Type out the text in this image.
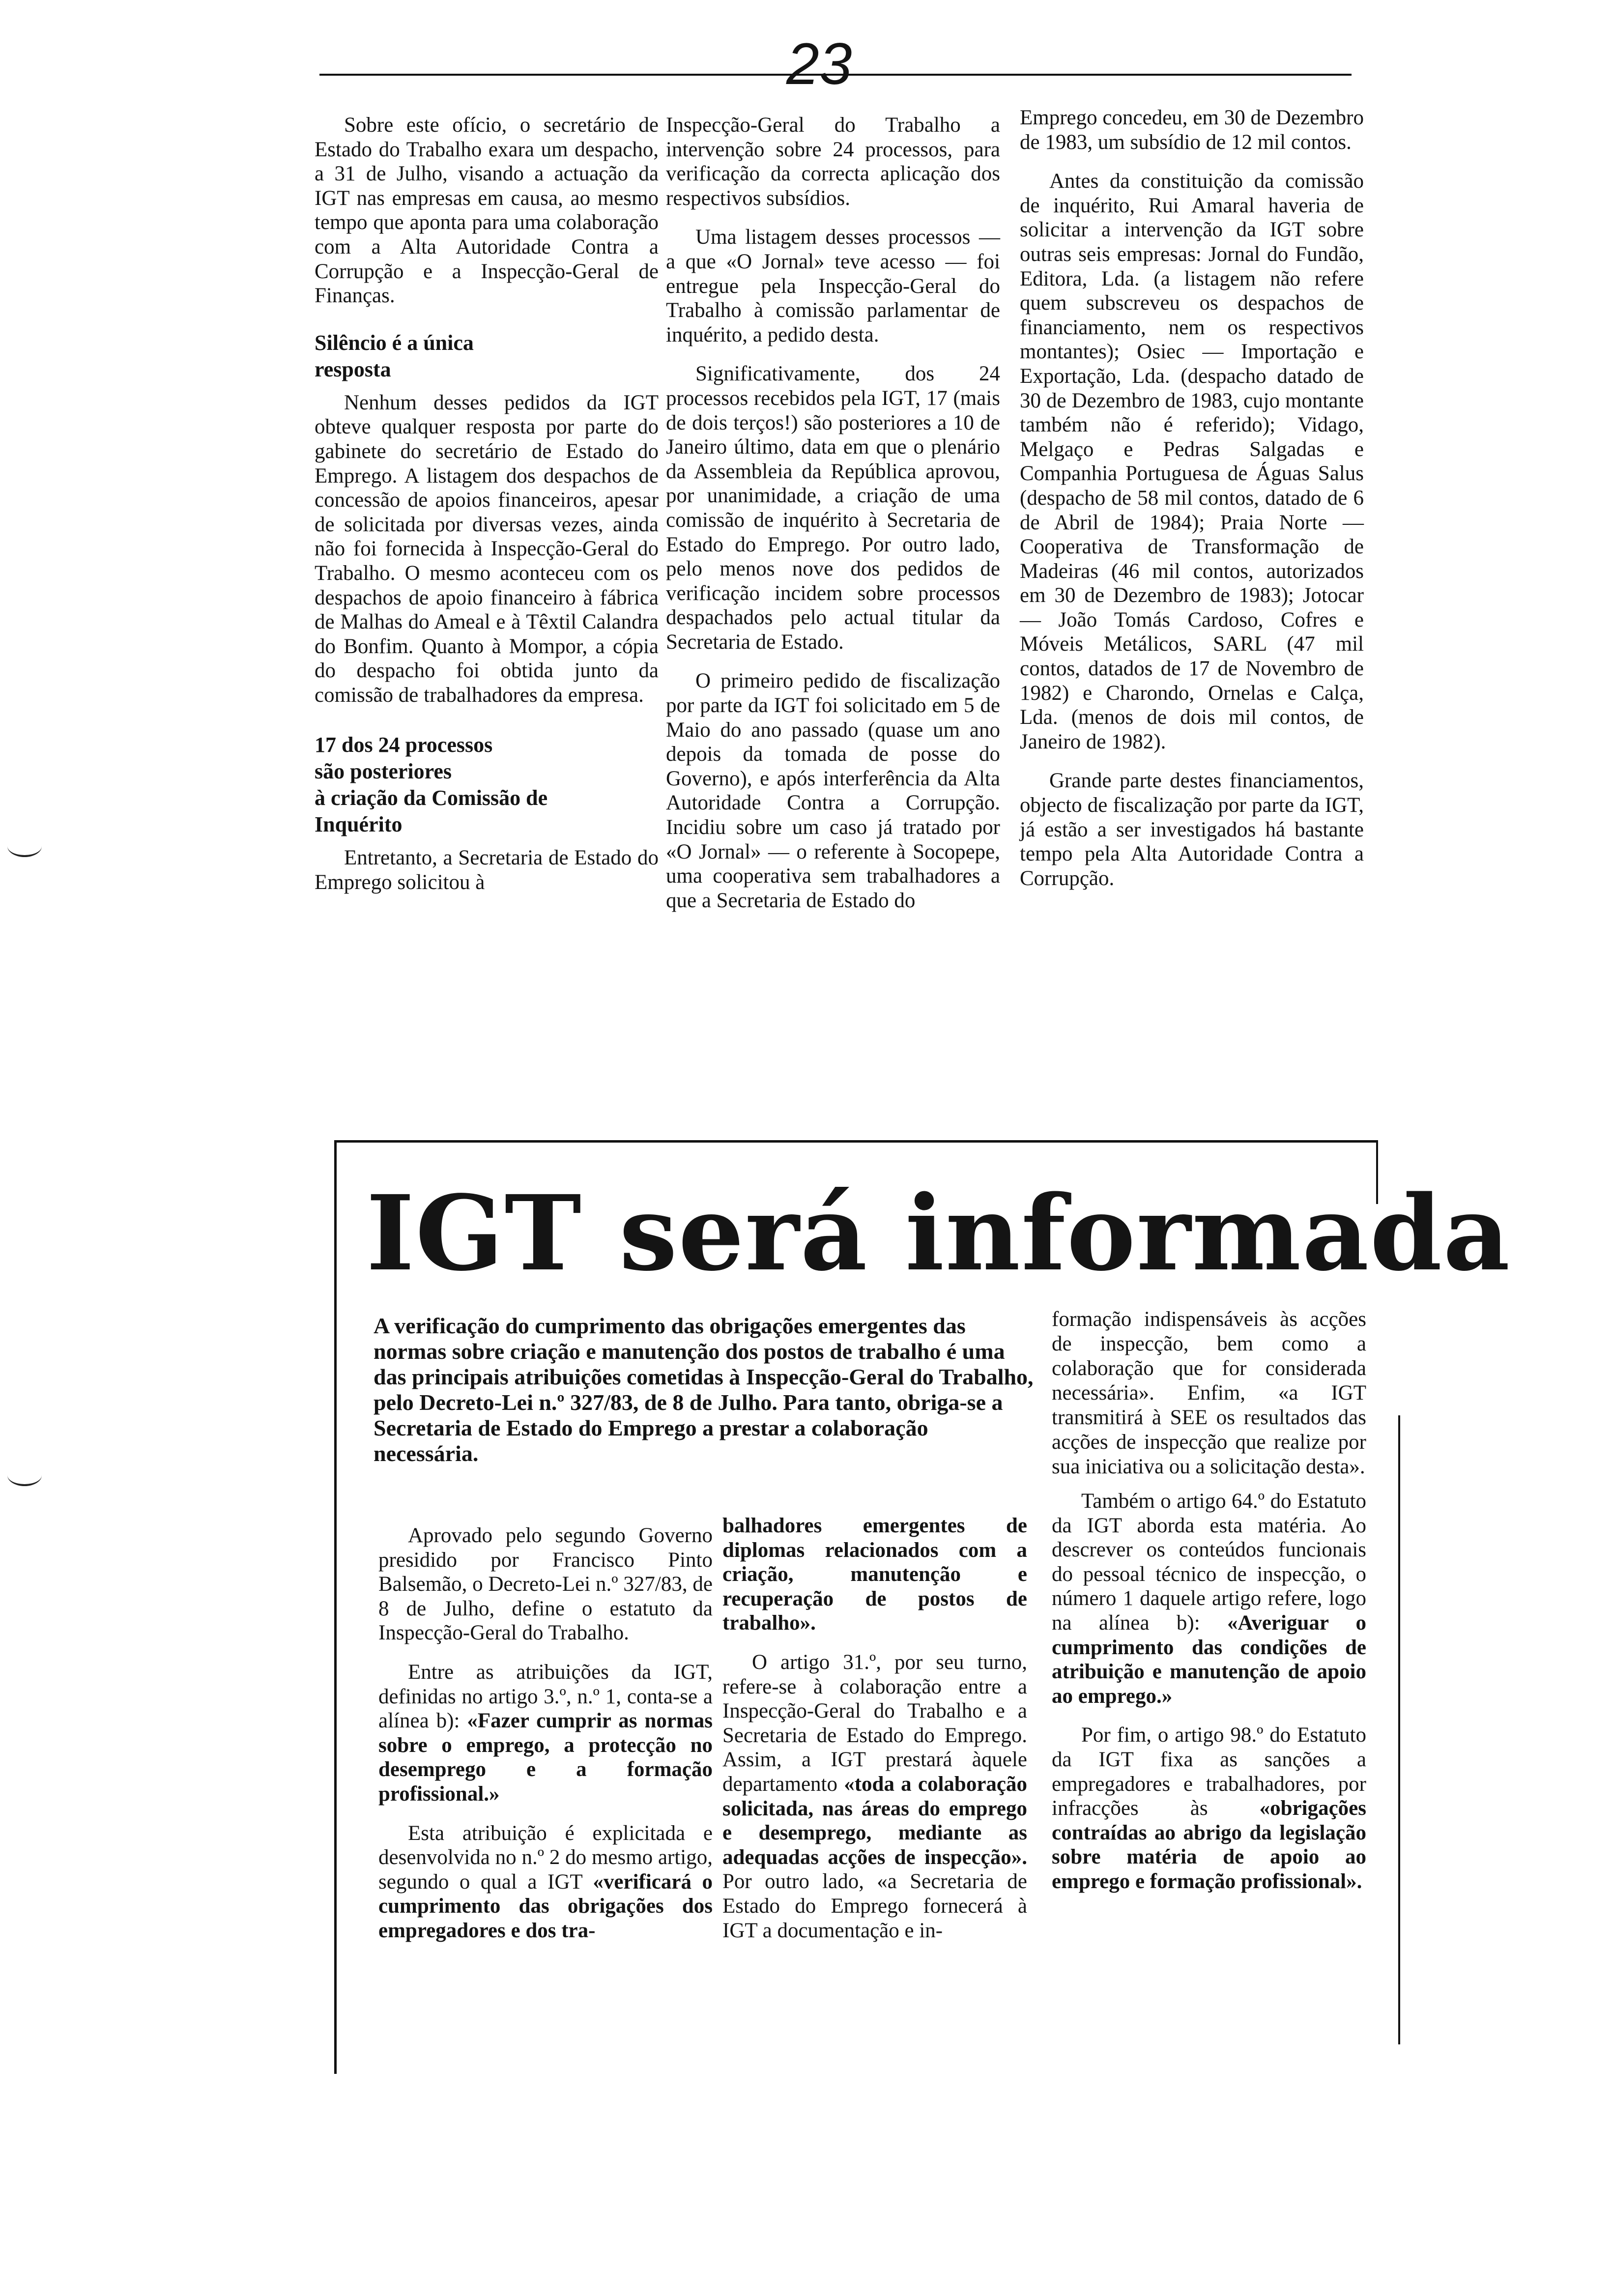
23

Sobre este ofício, o secretário de Estado do Trabalho exara um despacho, a 31 de Julho, visando a actuação da IGT nas empresas em causa, ao mesmo tempo que aponta para uma colaboração com a Alta Autoridade Contra a Corrupção e a Inspecção-Geral de Finanças.

Silêncio é a única
resposta

Nenhum desses pedidos da IGT obteve qualquer resposta por parte do gabinete do secretário de Estado do Emprego. A listagem dos despachos de concessão de apoios financeiros, apesar de solicitada por diversas vezes, ainda não foi fornecida à Inspecção-Geral do Trabalho. O mesmo aconteceu com os despachos de apoio financeiro à fábrica de Malhas do Ameal e à Têxtil Calandra do Bonfim. Quanto à Mompor, a cópia do despacho foi obtida junto da comissão de trabalhadores da empresa.

17 dos 24 processos
são posteriores
à criação da Comissão de
Inquérito

Entretanto, a Secretaria de Estado do Emprego solicitou à

Inspecção-Geral do Trabalho a intervenção sobre 24 processos, para verificação da correcta aplicação dos respectivos subsídios.

Uma listagem desses processos — a que «O Jornal» teve acesso — foi entregue pela Inspecção-Geral do Trabalho à comissão parlamentar de inquérito, a pedido desta.

Significativamente, dos 24 processos recebidos pela IGT, 17 (mais de dois terços!) são posteriores a 10 de Janeiro último, data em que o plenário da Assembleia da República aprovou, por unanimidade, a criação de uma comissão de inquérito à Secretaria de Estado do Emprego. Por outro lado, pelo menos nove dos pedidos de verificação incidem sobre processos despachados pelo actual titular da Secretaria de Estado.

O primeiro pedido de fiscalização por parte da IGT foi solicitado em 5 de Maio do ano passado (quase um ano depois da tomada de posse do Governo), e após interferência da Alta Autoridade Contra a Corrupção. Incidiu sobre um caso já tratado por «O Jornal» — o referente à Socopepe, uma cooperativa sem trabalhadores a que a Secretaria de Estado do

Emprego concedeu, em 30 de Dezembro de 1983, um subsídio de 12 mil contos.

Antes da constituição da comissão de inquérito, Rui Amaral haveria de solicitar a intervenção da IGT sobre outras seis empresas: Jornal do Fundão, Editora, Lda. (a listagem não refere quem subscreveu os despachos de financiamento, nem os respectivos montantes); Osiec — Importação e Exportação, Lda. (despacho datado de 30 de Dezembro de 1983, cujo montante também não é referido); Vidago, Melgaço e Pedras Salgadas e Companhia Portuguesa de Águas Salus (despacho de 58 mil contos, datado de 6 de Abril de 1984); Praia Norte — Cooperativa de Transformação de Madeiras (46 mil contos, autorizados em 30 de Dezembro de 1983); Jotocar — João Tomás Cardoso, Cofres e Móveis Metálicos, SARL (47 mil contos, datados de 17 de Novembro de 1982) e Charondo, Ornelas e Calça, Lda. (menos de dois mil contos, de Janeiro de 1982).

Grande parte destes financiamentos, objecto de fiscalização por parte da IGT, já estão a ser investigados há bastante tempo pela Alta Autoridade Contra a Corrupção.

IGT será informada
A verificação do cumprimento das obrigações emergentes das normas sobre criação e manutenção dos postos de trabalho é uma das principais atribuições cometidas à Inspecção-Geral do Trabalho, pelo Decreto-Lei n.º 327/83, de 8 de Julho. Para tanto, obriga-se a Secretaria de Estado do Emprego a prestar a colaboração necessária.
formação indispensáveis às acções de inspecção, bem como a colaboração que for considerada necessária». Enfim, «a IGT transmitirá à SEE os resultados das acções de inspecção que realize por sua iniciativa ou a solicitação desta».

Aprovado pelo segundo Governo presidido por Francisco Pinto Balsemão, o Decreto-Lei n.º 327/83, de 8 de Julho, define o estatuto da Inspecção-Geral do Trabalho.

Entre as atribuições da IGT, definidas no artigo 3.º, n.º 1, conta-se a alínea b): «Fazer cumprir as normas sobre o emprego, a protecção no desemprego e a formação profissional.»

Esta atribuição é explicitada e desenvolvida no n.º 2 do mesmo artigo, segundo o qual a IGT «verificará o cumprimento das obrigações dos empregadores e dos tra-

balhadores emergentes de diplomas relacionados com a criação, manutenção e recuperação de postos de trabalho».

O artigo 31.º, por seu turno, refere-se à colaboração entre a Inspecção-Geral do Trabalho e a Secretaria de Estado do Emprego. Assim, a IGT prestará àquele departamento «toda a colaboração solicitada, nas áreas do emprego e desemprego, mediante as adequadas acções de inspecção». Por outro lado, «a Secretaria de Estado do Emprego fornecerá à IGT a documentação e in-

Também o artigo 64.º do Estatuto da IGT aborda esta matéria. Ao descrever os conteúdos funcionais do pessoal técnico de inspecção, o número 1 daquele artigo refere, logo na alínea b): «Averiguar o cumprimento das condições de atribuição e manutenção de apoio ao emprego.»

Por fim, o artigo 98.º do Estatuto da IGT fixa as sanções a empregadores e trabalhadores, por infracções às «obrigações contraídas ao abrigo da legislação sobre matéria de apoio ao emprego e formação profissional».
